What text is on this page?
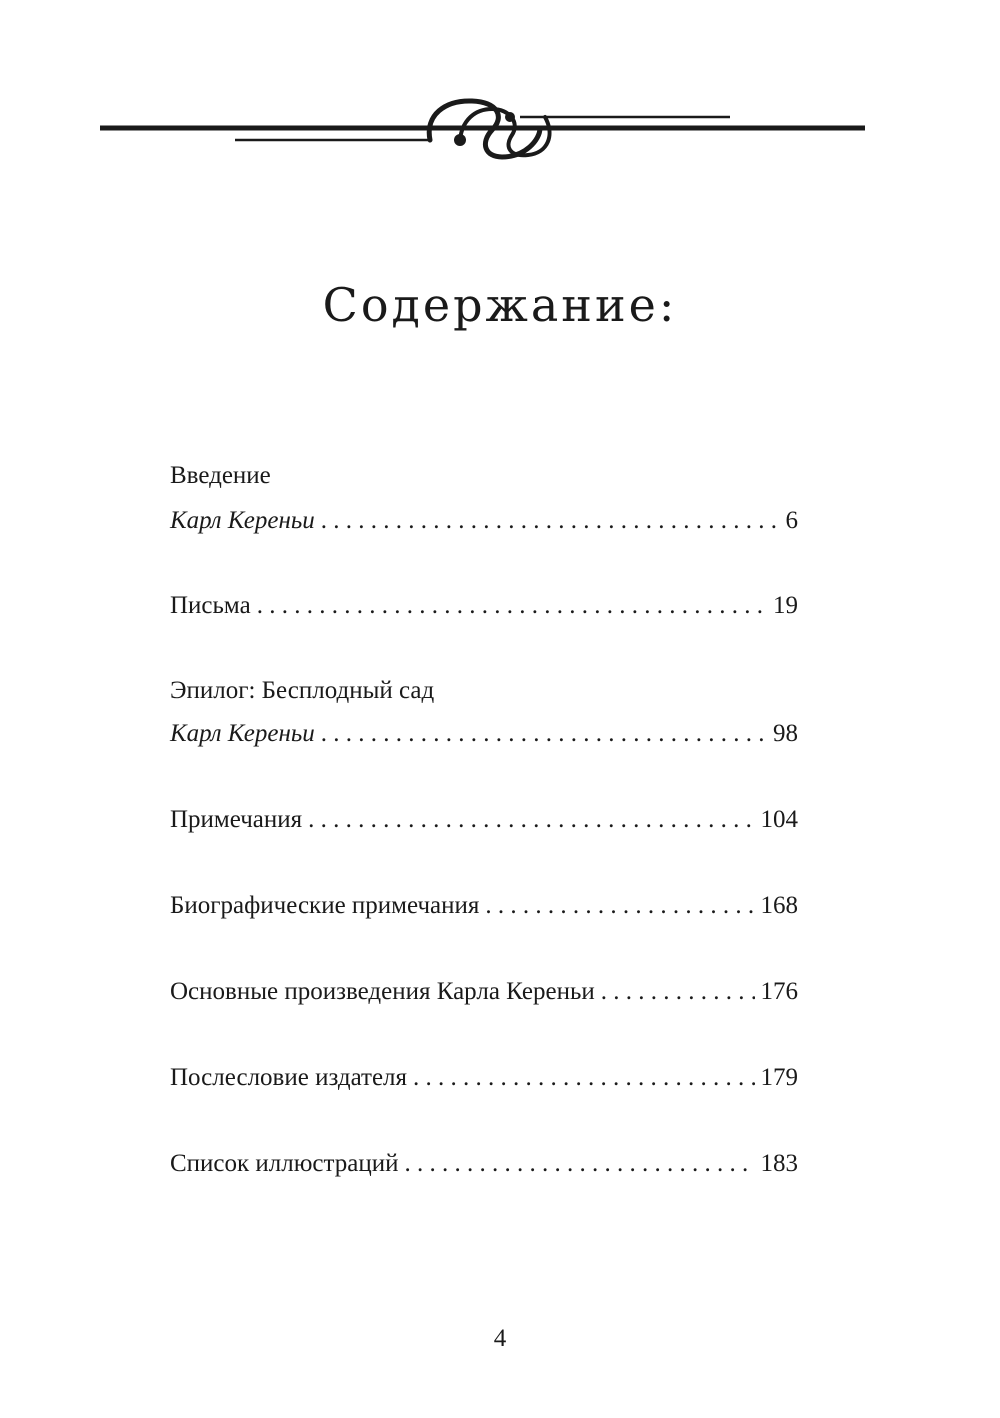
Содержание:
Введение
Карл Кереньи . . .	6
Письма . . .	19
Эпилог: Бесплодный сад
Карл Кереньи . . .	98
Примечания . . .	104
Биографические примечания . . .	168
Основные произведения Карла Кереньи . . .	176
Послесловие издателя . . .	179
Список иллюстраций . . .	183
4
